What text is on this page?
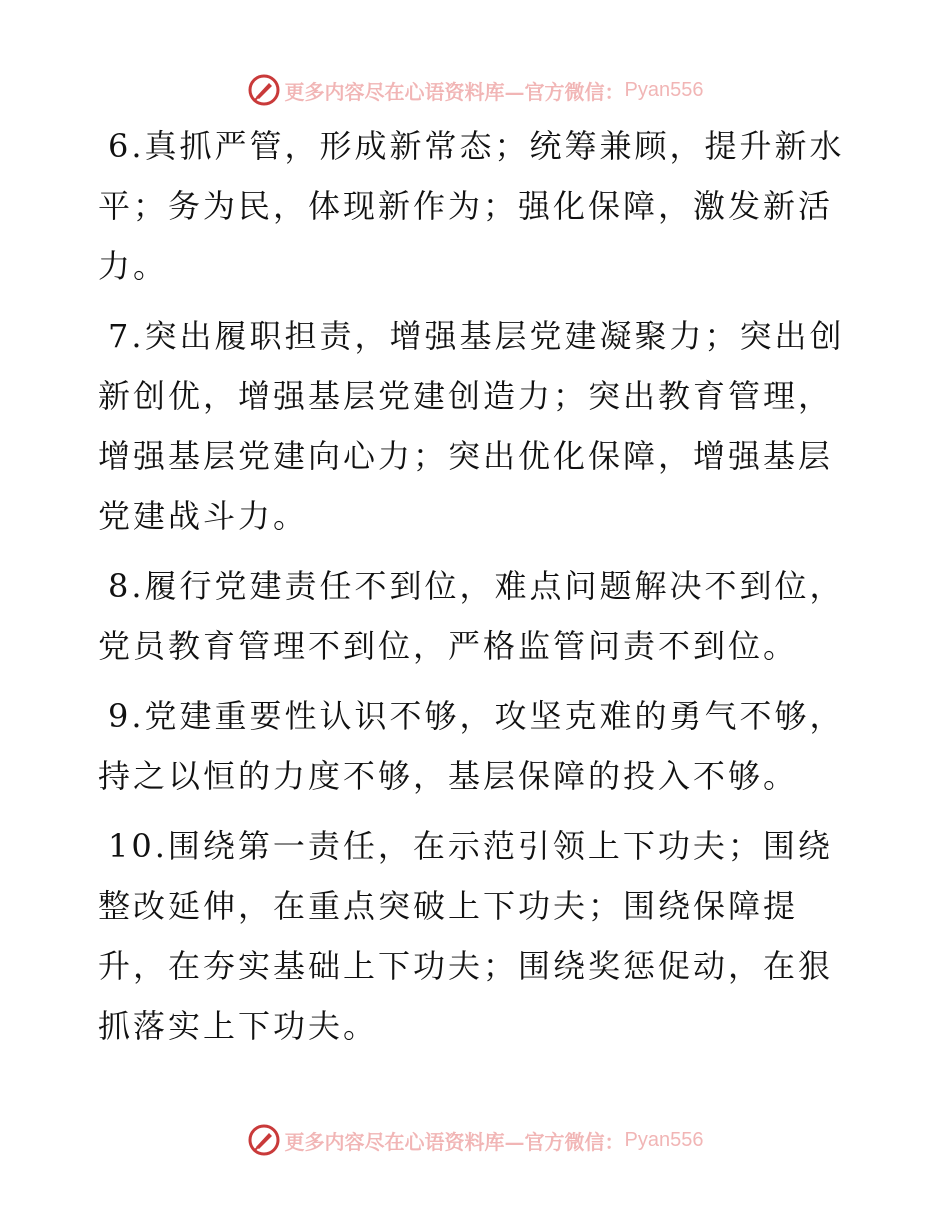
更多内容尽在心语资料库—官方微信： Pyan556

6.真抓严管，形成新常态；统筹兼顾，提升新水平；务为民，体现新作为；强化保障，激发新活力。

7.突出履职担责，增强基层党建凝聚力；突出创新创优，增强基层党建创造力；突出教育管理，增强基层党建向心力；突出优化保障，增强基层党建战斗力。

8.履行党建责任不到位，难点问题解决不到位，党员教育管理不到位，严格监管问责不到位。

9.党建重要性认识不够，攻坚克难的勇气不够，持之以恒的力度不够，基层保障的投入不够。

10.围绕第一责任，在示范引领上下功夫；围绕整改延伸，在重点突破上下功夫；围绕保障提升，在夯实基础上下功夫；围绕奖惩促动，在狠抓落实上下功夫。

更多内容尽在心语资料库—官方微信： Pyan556
